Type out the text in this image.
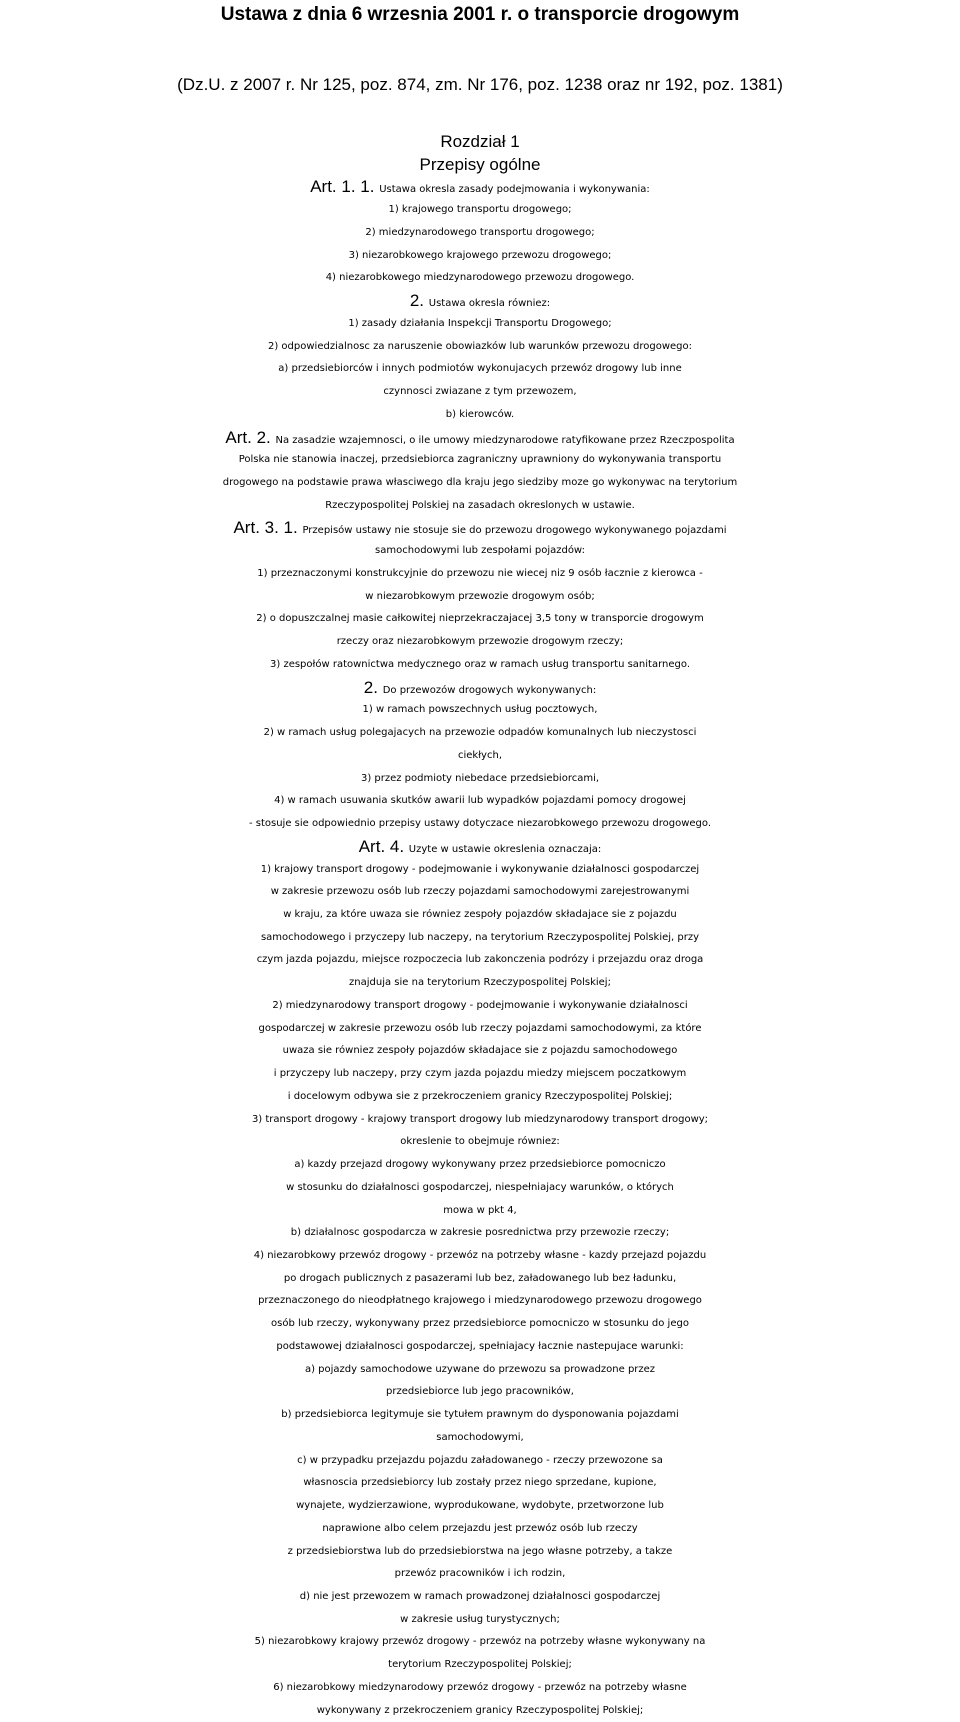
Ustawa z dnia 6 wrzesnia 2001 r. o transporcie drogowym
(Dz.U. z 2007 r. Nr 125, poz. 874, zm. Nr 176, poz. 1238 oraz nr 192, poz. 1381)
Rozdział 1
Przepisy ogólne
Art. 1. 1. Ustawa okresla zasady podejmowania i wykonywania:
1) krajowego transportu drogowego;
2) miedzynarodowego transportu drogowego;
3) niezarobkowego krajowego przewozu drogowego;
4) niezarobkowego miedzynarodowego przewozu drogowego.
2. Ustawa okresla równiez:
1) zasady działania Inspekcji Transportu Drogowego;
2) odpowiedzialnosc za naruszenie obowiazków lub warunków przewozu drogowego:
a) przedsiebiorców i innych podmiotów wykonujacych przewóz drogowy lub inne
czynnosci zwiazane z tym przewozem,
b) kierowców.
Art. 2. Na zasadzie wzajemnosci, o ile umowy miedzynarodowe ratyfikowane przez Rzeczpospolita
Polska nie stanowia inaczej, przedsiebiorca zagraniczny uprawniony do wykonywania transportu
drogowego na podstawie prawa własciwego dla kraju jego siedziby moze go wykonywac na terytorium
Rzeczypospolitej Polskiej na zasadach okreslonych w ustawie.
Art. 3. 1. Przepisów ustawy nie stosuje sie do przewozu drogowego wykonywanego pojazdami
samochodowymi lub zespołami pojazdów:
1) przeznaczonymi konstrukcyjnie do przewozu nie wiecej niz 9 osób łacznie z kierowca -
w niezarobkowym przewozie drogowym osób;
2) o dopuszczalnej masie całkowitej nieprzekraczajacej 3,5 tony w transporcie drogowym
rzeczy oraz niezarobkowym przewozie drogowym rzeczy;
3) zespołów ratownictwa medycznego oraz w ramach usług transportu sanitarnego.
2. Do przewozów drogowych wykonywanych:
1) w ramach powszechnych usług pocztowych,
2) w ramach usług polegajacych na przewozie odpadów komunalnych lub nieczystosci
ciekłych,
3) przez podmioty niebedace przedsiebiorcami,
4) w ramach usuwania skutków awarii lub wypadków pojazdami pomocy drogowej
- stosuje sie odpowiednio przepisy ustawy dotyczace niezarobkowego przewozu drogowego.
Art. 4. Uzyte w ustawie okreslenia oznaczaja:
1) krajowy transport drogowy - podejmowanie i wykonywanie działalnosci gospodarczej
w zakresie przewozu osób lub rzeczy pojazdami samochodowymi zarejestrowanymi
w kraju, za które uwaza sie równiez zespoły pojazdów składajace sie z pojazdu
samochodowego i przyczepy lub naczepy, na terytorium Rzeczypospolitej Polskiej, przy
czym jazda pojazdu, miejsce rozpoczecia lub zakonczenia podrózy i przejazdu oraz droga
znajduja sie na terytorium Rzeczypospolitej Polskiej;
2) miedzynarodowy transport drogowy - podejmowanie i wykonywanie działalnosci
gospodarczej w zakresie przewozu osób lub rzeczy pojazdami samochodowymi, za które
uwaza sie równiez zespoły pojazdów składajace sie z pojazdu samochodowego
i przyczepy lub naczepy, przy czym jazda pojazdu miedzy miejscem poczatkowym
i docelowym odbywa sie z przekroczeniem granicy Rzeczypospolitej Polskiej;
3) transport drogowy - krajowy transport drogowy lub miedzynarodowy transport drogowy;
okreslenie to obejmuje równiez:
a) kazdy przejazd drogowy wykonywany przez przedsiebiorce pomocniczo
w stosunku do działalnosci gospodarczej, niespełniajacy warunków, o których
mowa w pkt 4,
b) działalnosc gospodarcza w zakresie posrednictwa przy przewozie rzeczy;
4) niezarobkowy przewóz drogowy - przewóz na potrzeby własne - kazdy przejazd pojazdu
po drogach publicznych z pasazerami lub bez, załadowanego lub bez ładunku,
przeznaczonego do nieodpłatnego krajowego i miedzynarodowego przewozu drogowego
osób lub rzeczy, wykonywany przez przedsiebiorce pomocniczo w stosunku do jego
podstawowej działalnosci gospodarczej, spełniajacy łacznie nastepujace warunki:
a) pojazdy samochodowe uzywane do przewozu sa prowadzone przez
przedsiebiorce lub jego pracowników,
b) przedsiebiorca legitymuje sie tytułem prawnym do dysponowania pojazdami
samochodowymi,
c) w przypadku przejazdu pojazdu załadowanego - rzeczy przewozone sa
własnoscia przedsiebiorcy lub zostały przez niego sprzedane, kupione,
wynajete, wydzierzawione, wyprodukowane, wydobyte, przetworzone lub
naprawione albo celem przejazdu jest przewóz osób lub rzeczy
z przedsiebiorstwa lub do przedsiebiorstwa na jego własne potrzeby, a takze
przewóz pracowników i ich rodzin,
d) nie jest przewozem w ramach prowadzonej działalnosci gospodarczej
w zakresie usług turystycznych;
5) niezarobkowy krajowy przewóz drogowy - przewóz na potrzeby własne wykonywany na
terytorium Rzeczypospolitej Polskiej;
6) niezarobkowy miedzynarodowy przewóz drogowy - przewóz na potrzeby własne
wykonywany z przekroczeniem granicy Rzeczypospolitej Polskiej;
